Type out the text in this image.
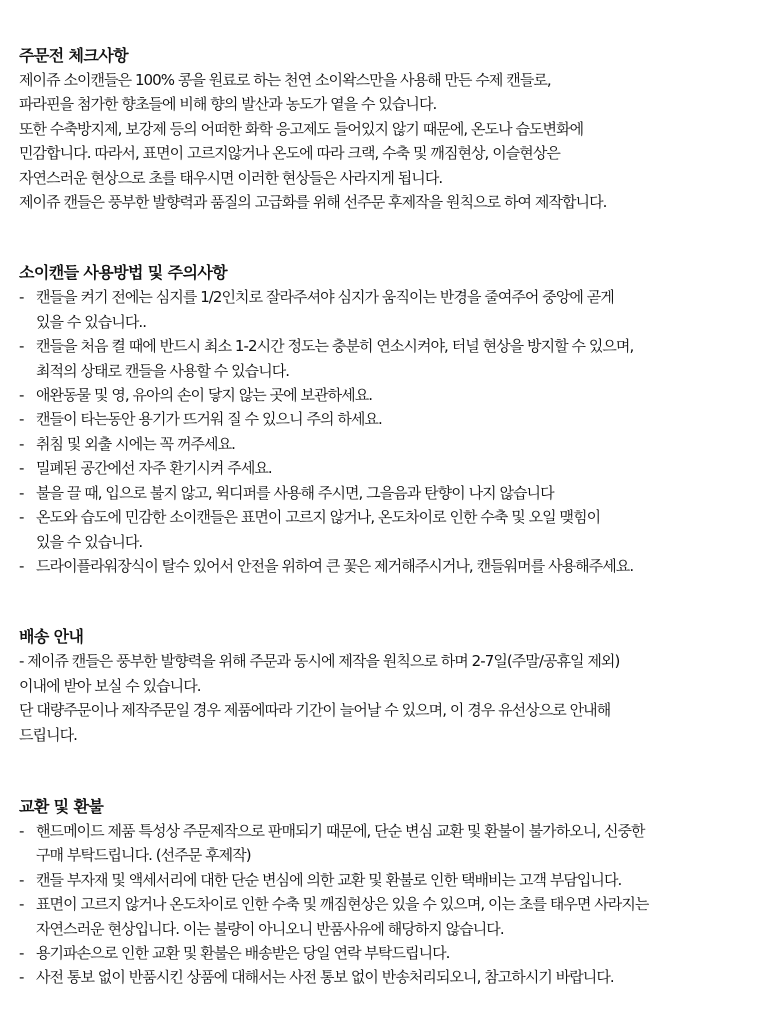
주문전 체크사항

제이쥬 소이캔들은 100% 콩을 원료로 하는 천연 소이왁스만을 사용해 만든 수제 캔들로,

파라핀을 첨가한 향초들에 비해 향의 발산과 농도가 옅을 수 있습니다.

또한 수축방지제, 보강제 등의 어떠한 화학 응고제도 들어있지 않기 때문에, 온도나 습도변화에

민감합니다. 따라서, 표면이 고르지않거나 온도에 따라 크랙, 수축 및 깨짐현상, 이슬현상은

자연스러운 현상으로 초를 태우시면 이러한 현상들은 사라지게 됩니다.

제이쥬 캔들은 풍부한 발향력과 품질의 고급화를 위해 선주문 후제작을 원칙으로 하여 제작합니다.

소이캔들 사용방법 및 주의사항
- 캔들을 켜기 전에는 심지를 1/2인치로 잘라주셔야 심지가 움직이는 반경을 줄여주어 중앙에 곧게
있을 수 있습니다..
- 캔들을 처음 켤 때에 반드시 최소 1-2시간 정도는 충분히 연소시켜야, 터널 현상을 방지할 수 있으며,
최적의 상태로 캔들을 사용할 수 있습니다.
- 애완동물 및 영, 유아의 손이 닿지 않는 곳에 보관하세요.
- 캔들이 타는동안 용기가 뜨거워 질 수 있으니 주의 하세요.
- 취침 및 외출 시에는 꼭 꺼주세요.
- 밀폐된 공간에선 자주 환기시켜 주세요.
- 불을 끌 때, 입으로 불지 않고, 윅디퍼를 사용해 주시면, 그을음과 탄향이 나지 않습니다
- 온도와 습도에 민감한 소이캔들은 표면이 고르지 않거나, 온도차이로 인한 수축 및 오일 맺힘이
있을 수 있습니다.
- 드라이플라워장식이 탈수 있어서 안전을 위하여 큰 꽃은 제거해주시거나, 캔들워머를 사용해주세요.
배송 안내

- 제이쥬 캔들은 풍부한 발향력을 위해 주문과 동시에 제작을 원칙으로 하며 2-7일(주말/공휴일 제외)

이내에 받아 보실 수 있습니다.

단 대량주문이나 제작주문일 경우 제품에따라 기간이 늘어날 수 있으며, 이 경우 유선상으로 안내해

드립니다.

교환 및 환불
- 핸드메이드 제품 특성상 주문제작으로 판매되기 때문에, 단순 변심 교환 및 환불이 불가하오니, 신중한
구매 부탁드립니다. (선주문 후제작)
- 캔들 부자재 및 액세서리에 대한 단순 변심에 의한 교환 및 환불로 인한 택배비는 고객 부담입니다.
- 표면이 고르지 않거나 온도차이로 인한 수축 및 깨짐현상은 있을 수 있으며, 이는 초를 태우면 사라지는
자연스러운 현상입니다. 이는 불량이 아니오니 반품사유에 해당하지 않습니다.
- 용기파손으로 인한 교환 및 환불은 배송받은 당일 연락 부탁드립니다.
- 사전 통보 없이 반품시킨 상품에 대해서는 사전 통보 없이 반송처리되오니, 참고하시기 바랍니다.
